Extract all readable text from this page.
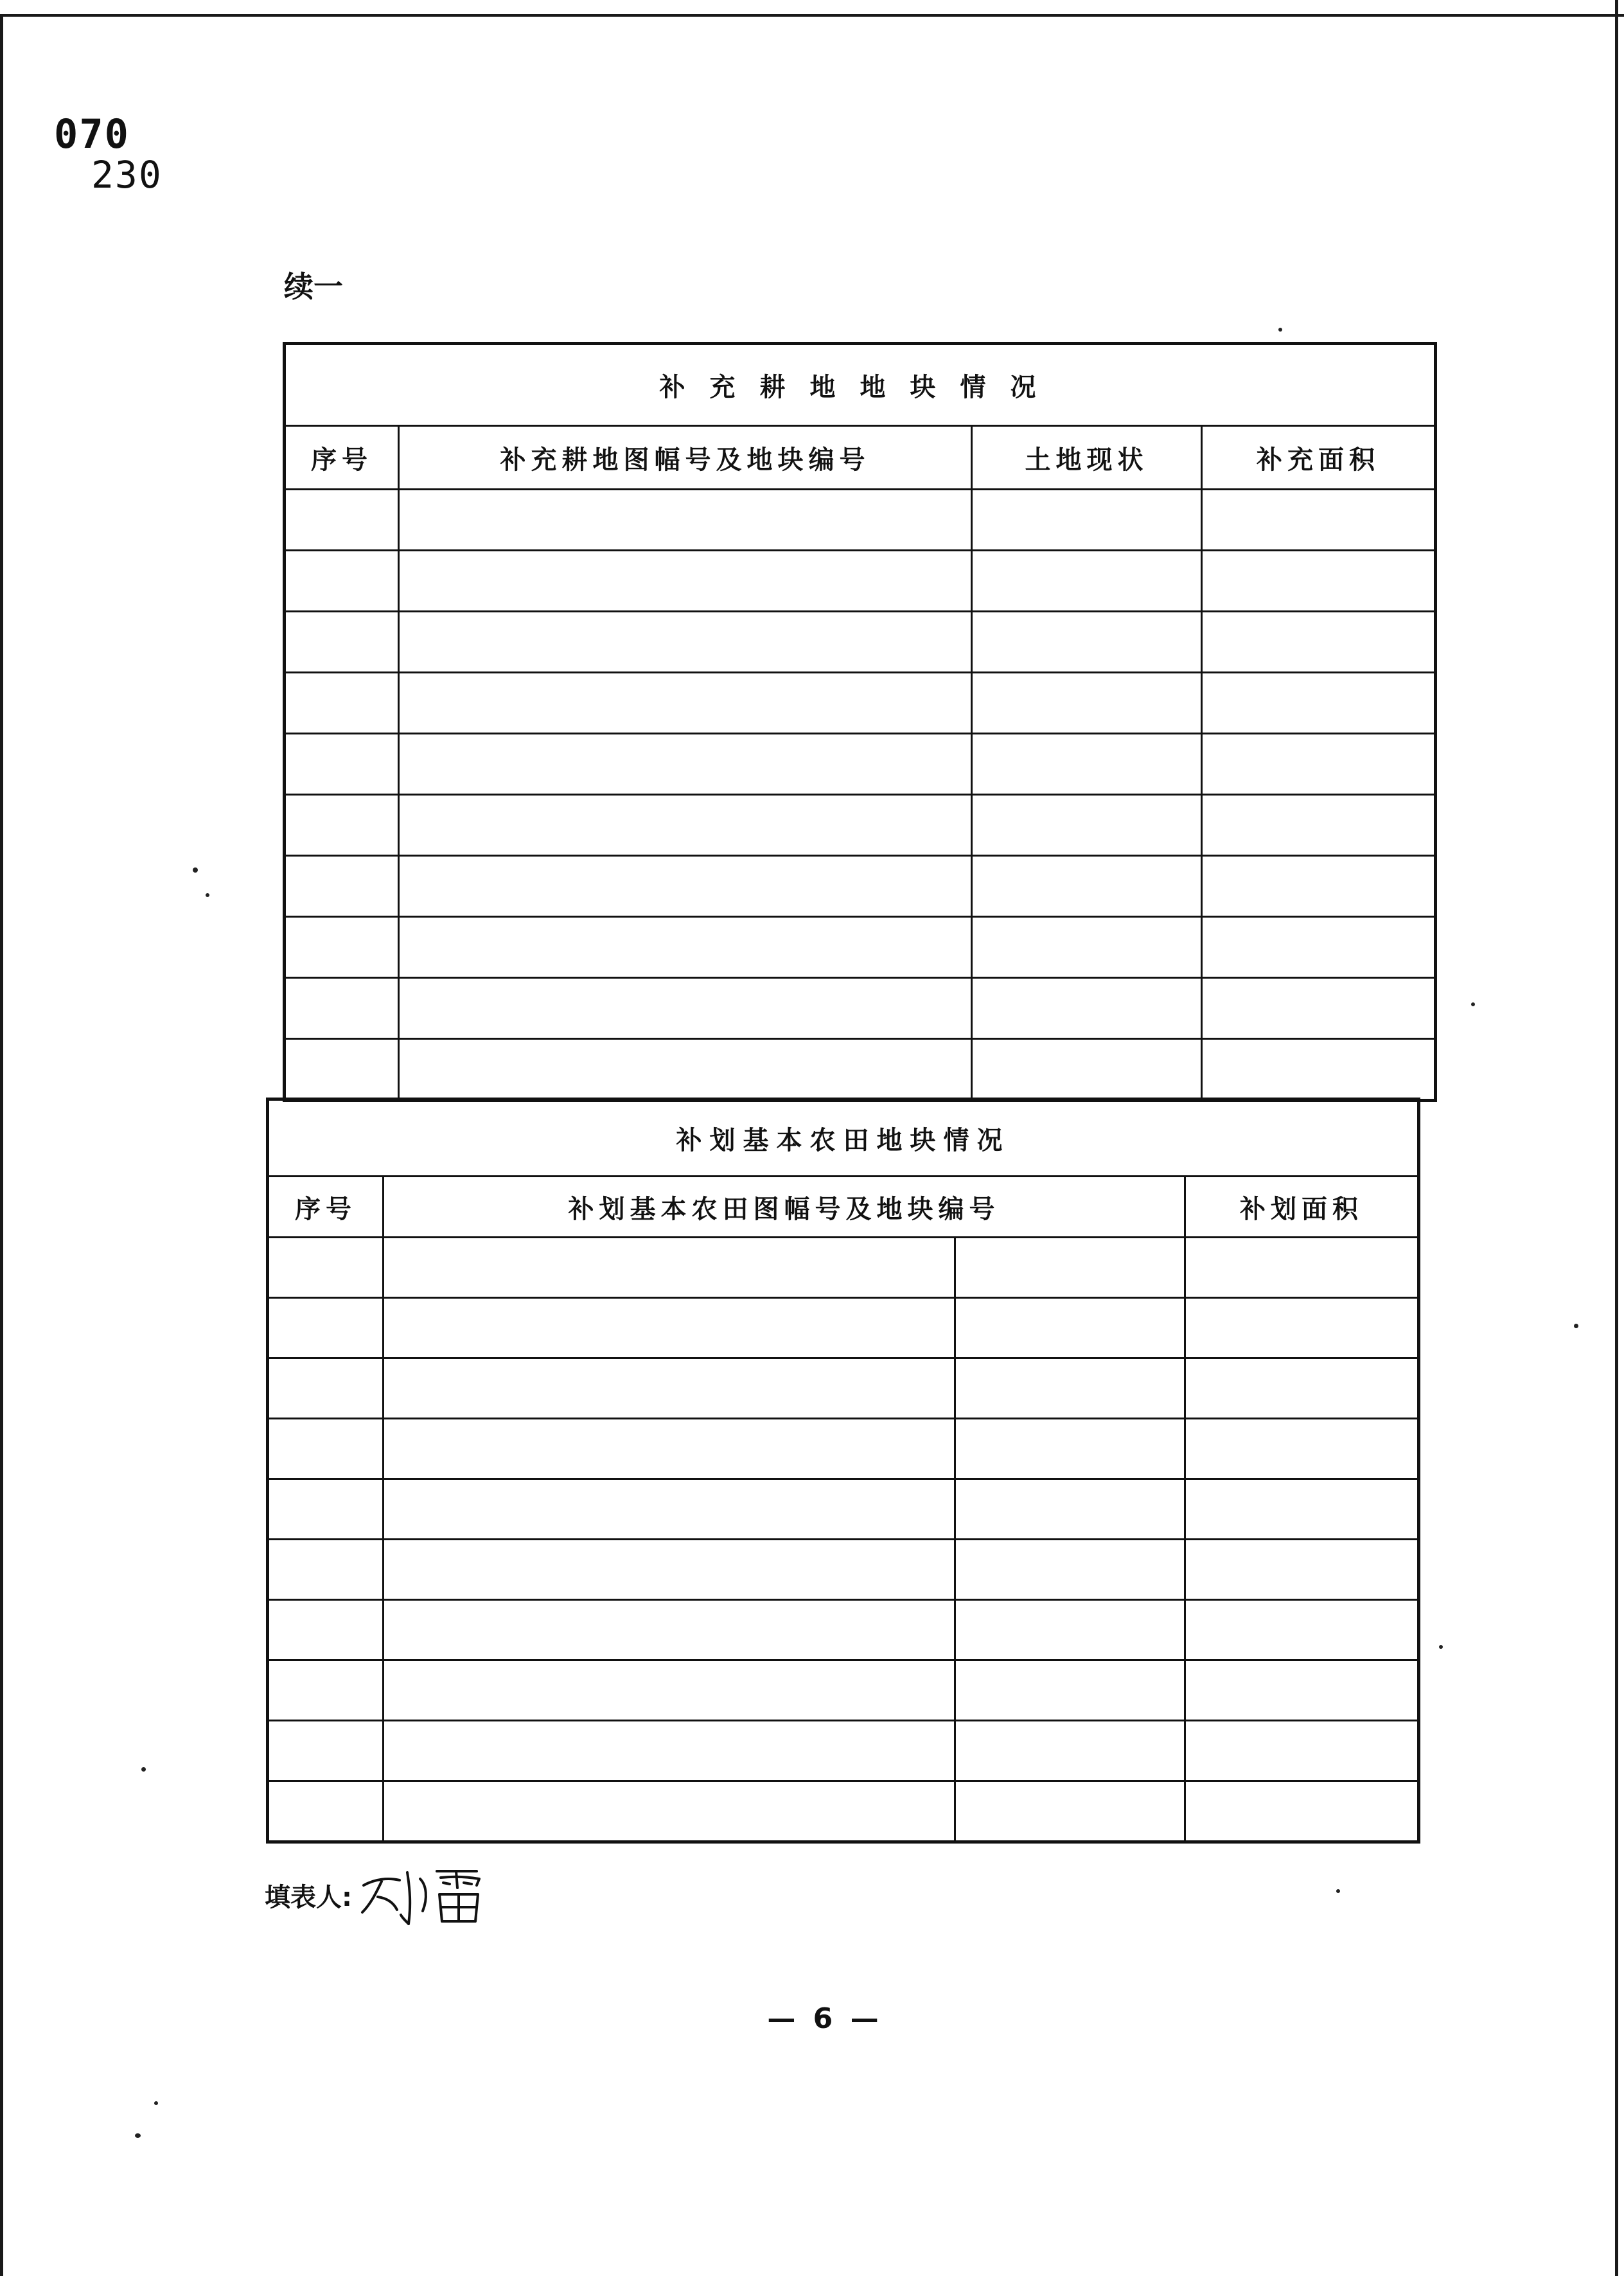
070
230
续一
补充耕地地块情况			
序号	补充耕地图幅号及地块编号	土地现状	补充面积

补划基本农田地块情况			
序号	补划基本农田图幅号及地块编号		补划面积

填表人:
— 6 —
